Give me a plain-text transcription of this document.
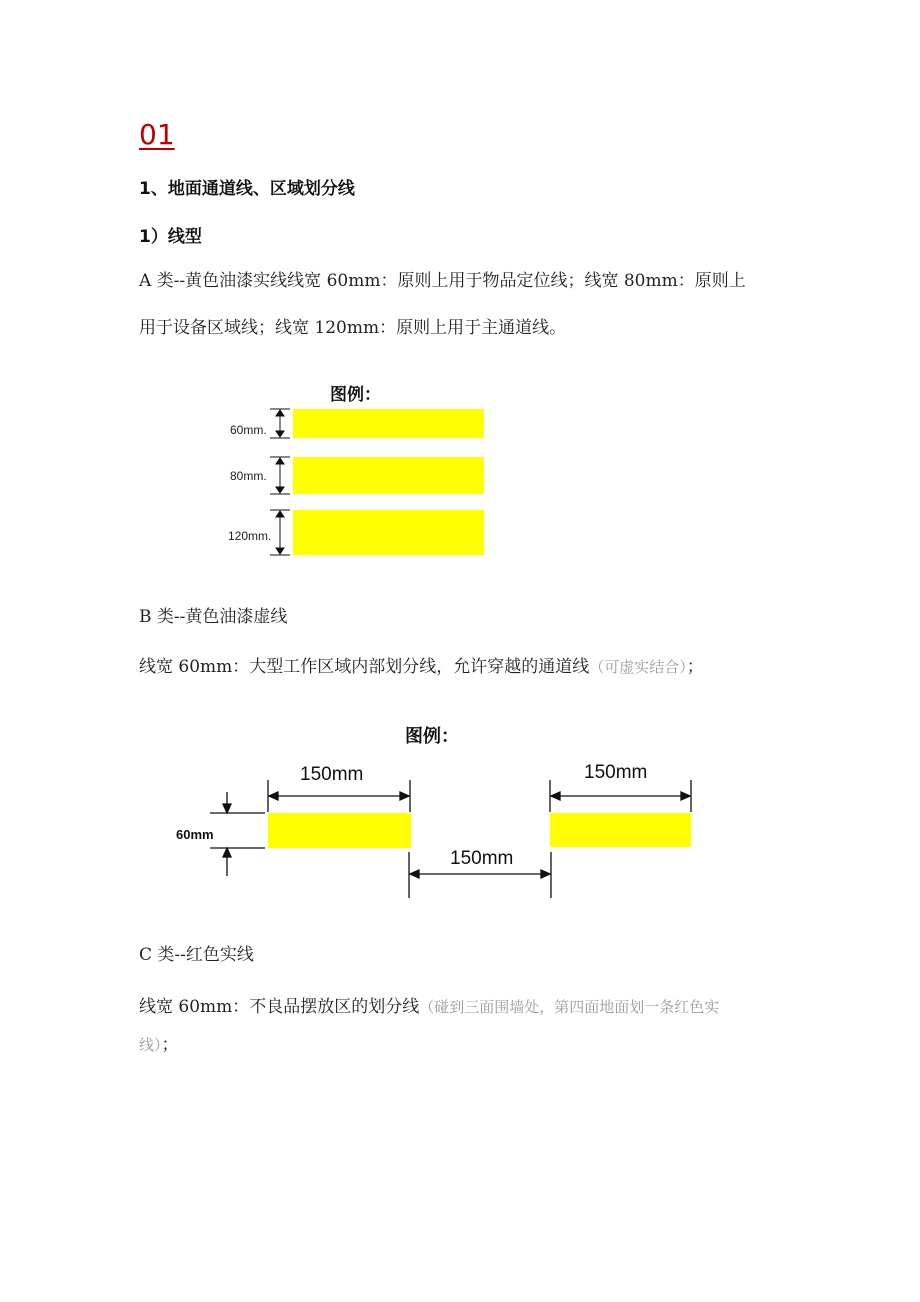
01
1、地面通道线、区域划分线
1）线型
A 类--黄色油漆实线线宽 60mm：原则上用于物品定位线；线宽 80mm：原则上
用于设备区域线；线宽 120mm：原则上用于主通道线。
图例：
60mm.
80mm.
120mm.
B 类--黄色油漆虚线
线宽 60mm：大型工作区域内部划分线，允许穿越的通道线（可虚实结合）；
图例：
150mm	150mm
150mm
60mm
C 类--红色实线
线宽 60mm：不良品摆放区的划分线（碰到三面围墙处，第四面地面划一条红色实
线）；
